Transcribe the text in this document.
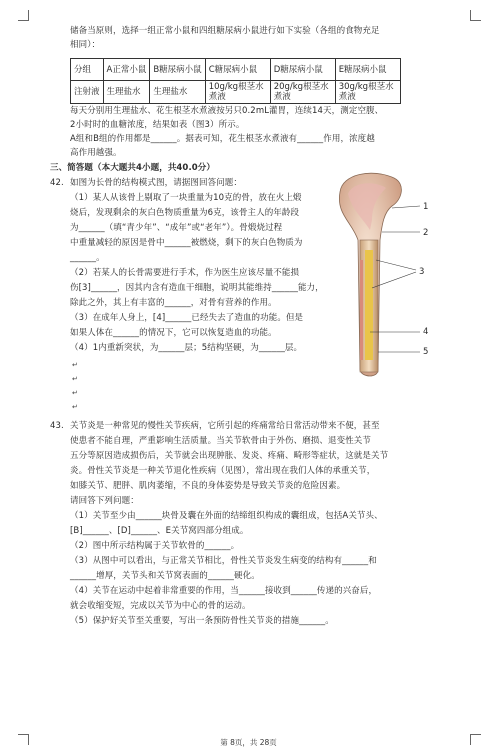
储备当原则，选择一组正常小鼠和四组糖尿病小鼠进行如下实验（各组的食物充足
相同）：
分组	A正常小鼠	B糖尿病小鼠	C糖尿病小鼠	D糖尿病小鼠	E糖尿病小鼠
注射液	生理盐水	生理盐水	10g/kg根茎水煮液	20g/kg根茎水煮液	30g/kg根茎水煮液
每天分别用生理盐水、花生根茎水煮液按另只0.2mL灌胃，连续14天，测定空腹、
2小时时的血糖浓度，结果如表（图3）所示。
A组和B组的作用都是______。据表可知，花生根茎水煮液有______作用，浓度越
高作用越强。
三、简答题（本大题共4小题，共40.0分）
42. 如图为长骨的结构模式图，请据图回答问题：
（1）某人从该骨上剔取了一块重量为10克的骨，放在火上煅
烧后，发现剩余的灰白色物质重量为6克，该骨主人的年龄段
为______（填“青少年”、“成年”或“老年”）。骨煅烧过程
中重量减轻的原因是骨中______被燃烧，剩下的灰白色物质为
______。
（2）若某人的长骨需要进行手术，作为医生应该尽量不能损
伤[3]______，因其内含有造血干细胞，说明其能维持______能力，
除此之外，其上有丰富的______，对骨有营养的作用。
（3）在成年人身上，[4]______已经失去了造血的功能。但是
如果人体在______的情况下，它可以恢复造血的功能。
（4）1内重新突状，为______层；5结构坚硬，为______层。
↵
↵
↵
↵
1
2
3
4
5
43. 关节炎是一种常见的慢性关节疾病，它所引起的疼痛常给日常活动带来不便，甚至
使患者不能自理，严重影响生活质量。当关节软骨由于外伤、磨损、退变性关节
五分等原因造成损伤后，关节就会出现肿胀、发炎、疼痛、畸形等症状，这就是关节
炎。骨性关节炎是一种关节退化性疾病（见图），常出现在我们人体的承重关节，
如膝关节、肥胖、肌肉萎缩，不良的身体姿势是导致关节炎的危险因素。
请回答下列问题：
（1）关节至少由______块骨及囊在外面的结缔组织构成的囊组成，包括A关节头、
[B]______、[D]______、E关节窝四部分组成。
（2）图中所示结构属于关节软骨的______。
（3）从图中可以看出，与正常关节相比，骨性关节炎发生病变的结构有______和
______增厚，关节头和关节窝表面的______硬化。
（4）关节在运动中起着非常重要的作用，当______接收到______传递的兴奋后，
就会收缩变短，完成以关节为中心的骨的运动。
（5）保护好关节至关重要，写出一条预防骨性关节炎的措施______。
第 8页，共 28页
